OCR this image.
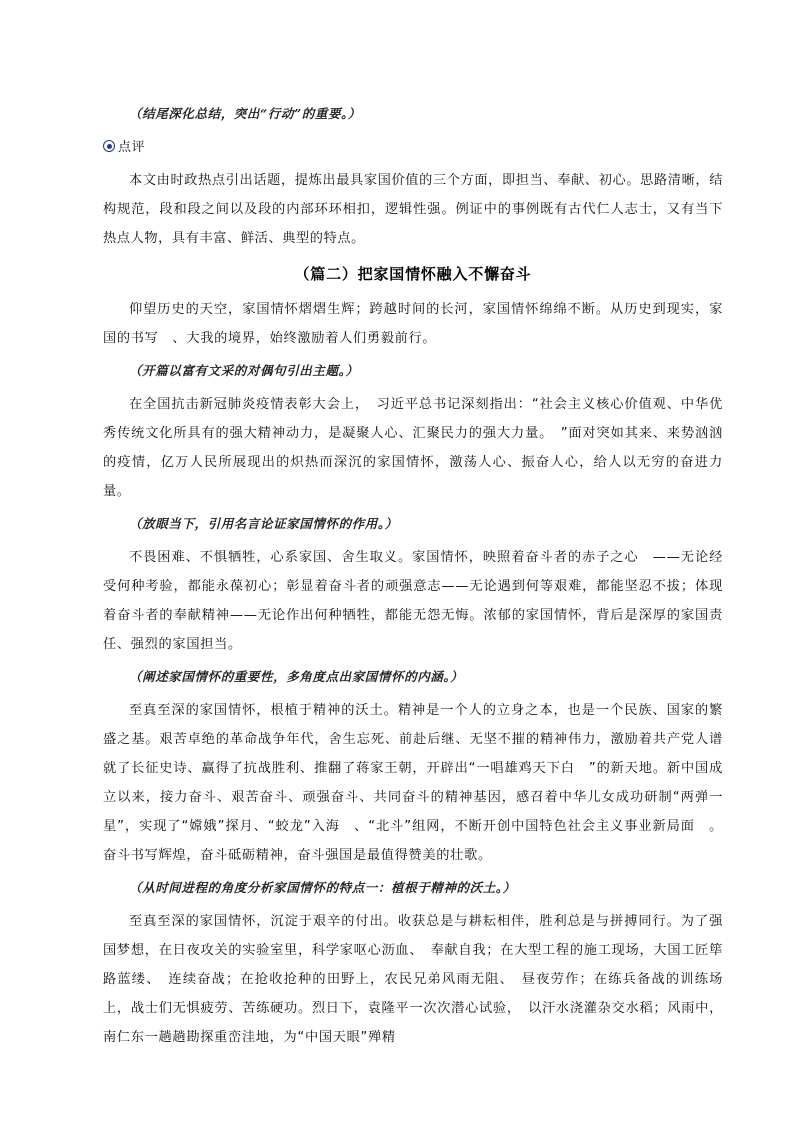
（结尾深化总结，突出“行动”的重要。）

点评

本文由时政热点引出话题，提炼出最具家国价值的三个方面，即担当、奉献、初心。思路清晰，结构规范，段和段之间以及段的内部环环相扣，逻辑性强。例证中的事例既有古代仁人志士，又有当下热点人物，具有丰富、鲜活、典型的特点。

（篇二）把家国情怀融入不懈奋斗

仰望历史的天空，家国情怀熠熠生辉；跨越时间的长河，家国情怀绵绵不断。从历史到现实，家国的书写　、大我的境界，始终激励着人们勇毅前行。

（开篇以富有文采的对偶句引出主题。）

在全国抗击新冠肺炎疫情表彰大会上，　习近平总书记深刻指出：“社会主义核心价值观、中华优秀传统文化所具有的强大精神动力，是凝聚人心、汇聚民力的强大力量。　”面对突如其来、来势汹汹的疫情，亿万人民所展现出的炽热而深沉的家国情怀，激荡人心、振奋人心，给人以无穷的奋进力量。

（放眼当下，引用名言论证家国情怀的作用。）

不畏困难、不惧牺牲，心系家国、舍生取义。家国情怀，映照着奋斗者的赤子之心　——无论经受何种考验，都能永葆初心；彰显着奋斗者的顽强意志——无论遇到何等艰难，都能坚忍不拔；体现着奋斗者的奉献精神——无论作出何种牺牲，都能无怨无悔。浓郁的家国情怀，背后是深厚的家国责任、强烈的家国担当。

（阐述家国情怀的重要性，多角度点出家国情怀的内涵。）

至真至深的家国情怀，根植于精神的沃土。精神是一个人的立身之本，也是一个民族、国家的繁盛之基。艰苦卓绝的革命战争年代，舍生忘死、前赴后继、无坚不摧的精神伟力，激励着共产党人谱就了长征史诗、赢得了抗战胜利、推翻了蒋家王朝，开辟出“一唱雄鸡天下白　”的新天地。新中国成立以来，接力奋斗、艰苦奋斗、顽强奋斗、共同奋斗的精神基因，感召着中华儿女成功研制“两弹一星”，实现了“嫦娥”探月、“蛟龙”入海　、“北斗”组网，不断开创中国特色社会主义事业新局面　。奋斗书写辉煌，奋斗砥砺精神，奋斗强国是最值得赞美的壮歌。

（从时间进程的角度分析家国情怀的特点一：植根于精神的沃土。）

至真至深的家国情怀，沉淀于艰辛的付出。收获总是与耕耘相伴，胜利总是与拼搏同行。为了强国梦想，在日夜攻关的实验室里，科学家呕心沥血、　奉献自我；在大型工程的施工现场，大国工匠筚路蓝缕、　连续奋战；在抢收抢种的田野上，农民兄弟风雨无阻、　昼夜劳作；在练兵备战的训练场上，战士们无惧疲劳、苦练硬功。烈日下，袁隆平一次次潜心试验，　以汗水浇灌杂交水稻；风雨中，南仁东一趟趟勘探重峦洼地，为“中国天眼”殚精
